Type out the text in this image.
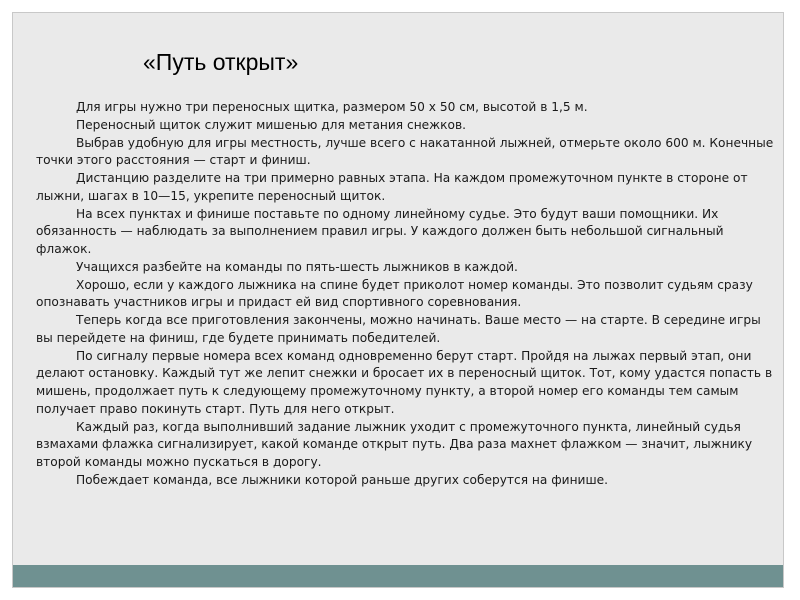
«Путь открыт»

Для игры нужно три переносных щитка, размером 50 х 50 см, высотой в 1,5 м.

Переносный щиток служит мишенью для метания снежков.

Выбрав удобную для игры местность, лучше всего с накатанной лыжней, отмерьте около 600 м. Конечные точки этого расстояния — старт и финиш.

Дистанцию разделите на три примерно равных этапа. На каждом промежуточном пункте в стороне от лыжни, шагах в 10—15, укрепите переносный щиток.

На всех пунктах и финише поставьте по одному линейному судье. Это будут ваши помощники. Их обязанность — наблюдать за выполнением правил игры. У каждого должен быть небольшой сигнальный флажок.

Учащихся разбейте на команды по пять-шесть лыжников в каждой.

Хорошо, если у каждого лыжника на спине будет приколот номер команды. Это позволит судьям сразу опознавать участников игры и придаст ей вид спортивного соревнования.

Теперь когда все приготовления закончены, можно начинать. Ваше место — на старте. В середине игры вы перейдете на финиш, где будете принимать победителей.

По сигналу первые номера всех команд одновременно берут старт. Пройдя на лыжах первый этап, они делают остановку. Каждый тут же лепит снежки и бросает их в переносный щиток. Тот, кому удастся попасть в мишень, продолжает путь к следующему промежуточному пункту, а второй номер его команды тем самым получает право покинуть старт. Путь для него открыт.

Каждый раз, когда выполнивший задание лыжник уходит с промежуточного пункта, линейный судья взмахами флажка сигнализирует, какой команде открыт путь. Два раза махнет флажком — значит, лыжнику второй команды можно пускаться в дорогу.

Побеждает команда, все лыжники которой раньше других соберутся на финише.
